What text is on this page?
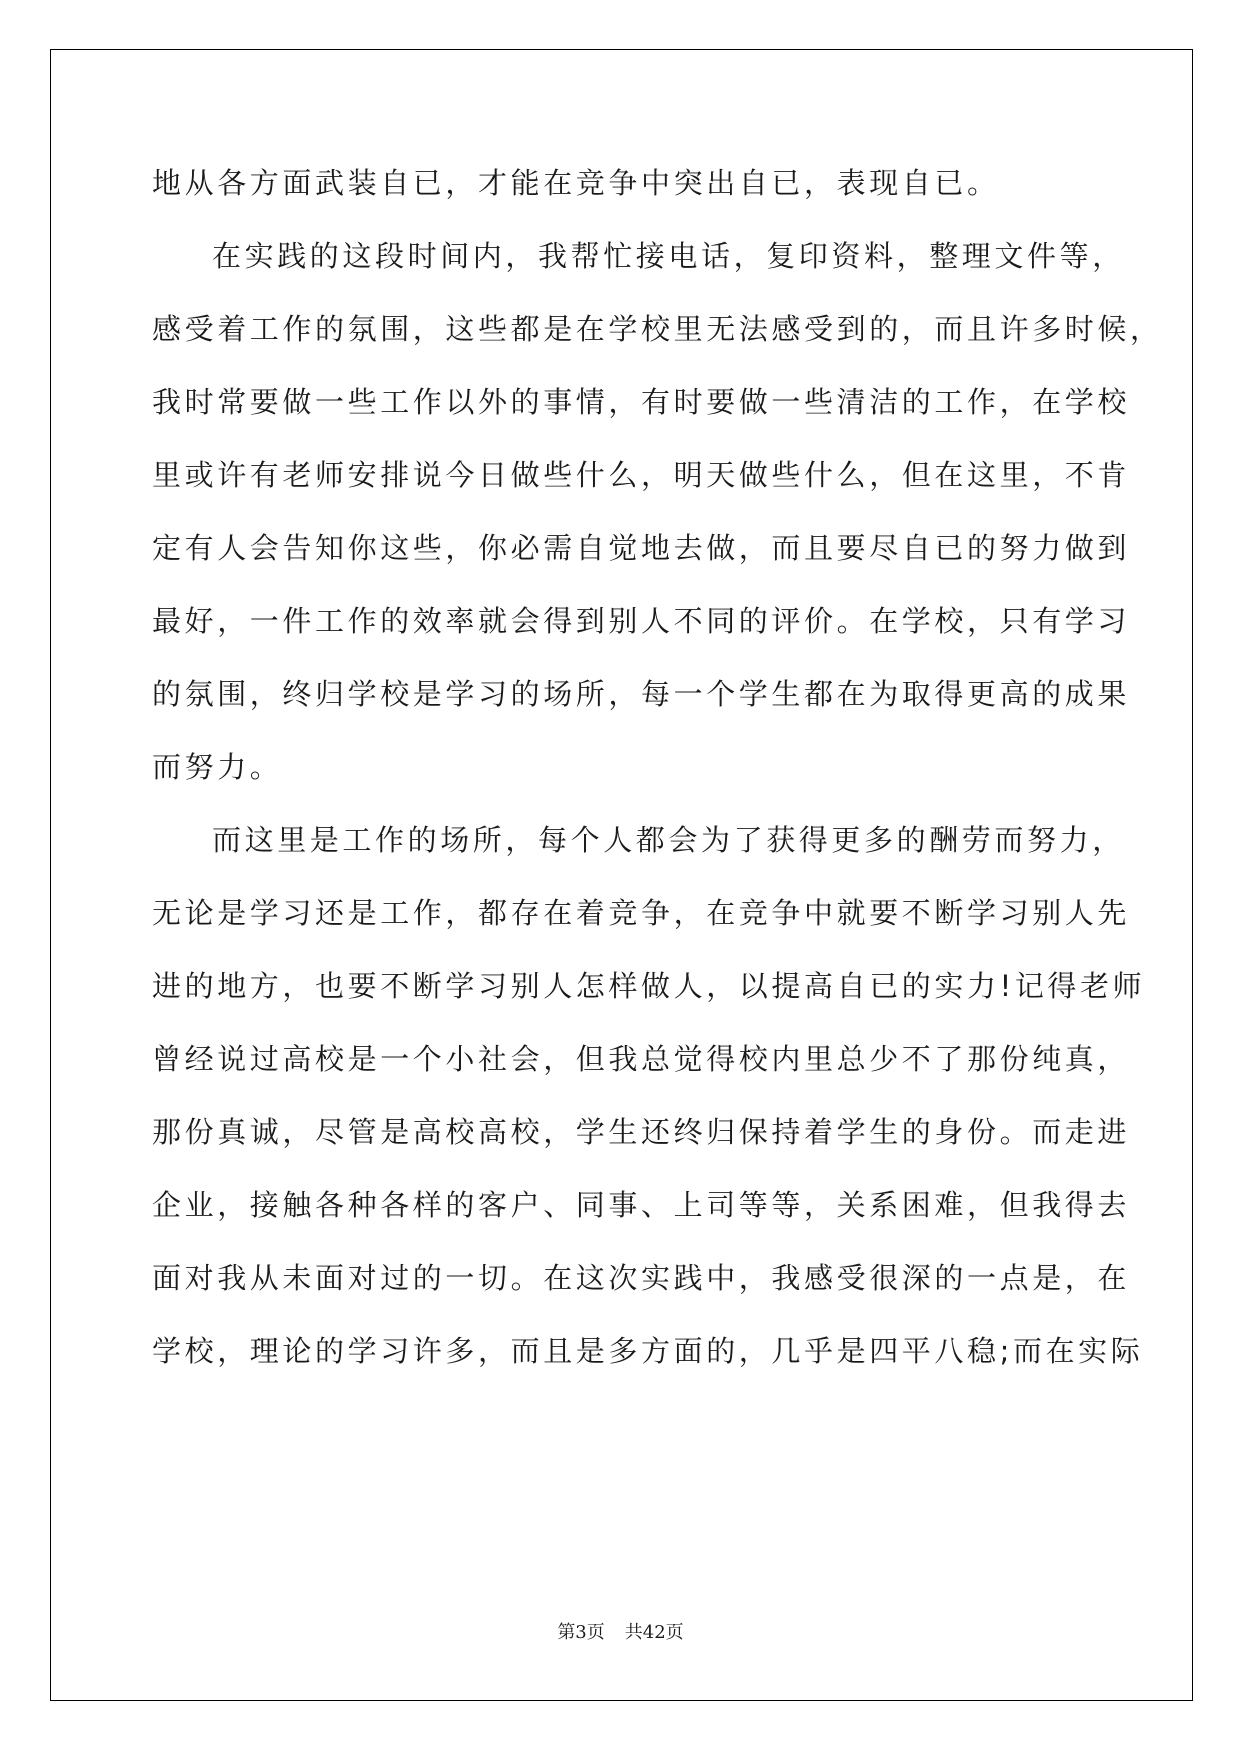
地从各方面武装自已，才能在竞争中突出自已，表现自已。
在实践的这段时间内，我帮忙接电话，复印资料，整理文件等，
感受着工作的氛围，这些都是在学校里无法感受到的，而且许多时候，
我时常要做一些工作以外的事情，有时要做一些清洁的工作，在学校
里或许有老师安排说今日做些什么，明天做些什么，但在这里，不肯
定有人会告知你这些，你必需自觉地去做，而且要尽自已的努力做到
最好，一件工作的效率就会得到别人不同的评价。在学校，只有学习
的氛围，终归学校是学习的场所，每一个学生都在为取得更高的成果
而努力。
而这里是工作的场所，每个人都会为了获得更多的酬劳而努力，
无论是学习还是工作，都存在着竞争，在竞争中就要不断学习别人先
进的地方，也要不断学习别人怎样做人，以提高自已的实力!记得老师
曾经说过高校是一个小社会，但我总觉得校内里总少不了那份纯真，
那份真诚，尽管是高校高校，学生还终归保持着学生的身份。而走进
企业，接触各种各样的客户、同事、上司等等，关系困难，但我得去
面对我从未面对过的一切。在这次实践中，我感受很深的一点是，在
学校，理论的学习许多，而且是多方面的，几乎是四平八稳;而在实际
第3页 共42页
